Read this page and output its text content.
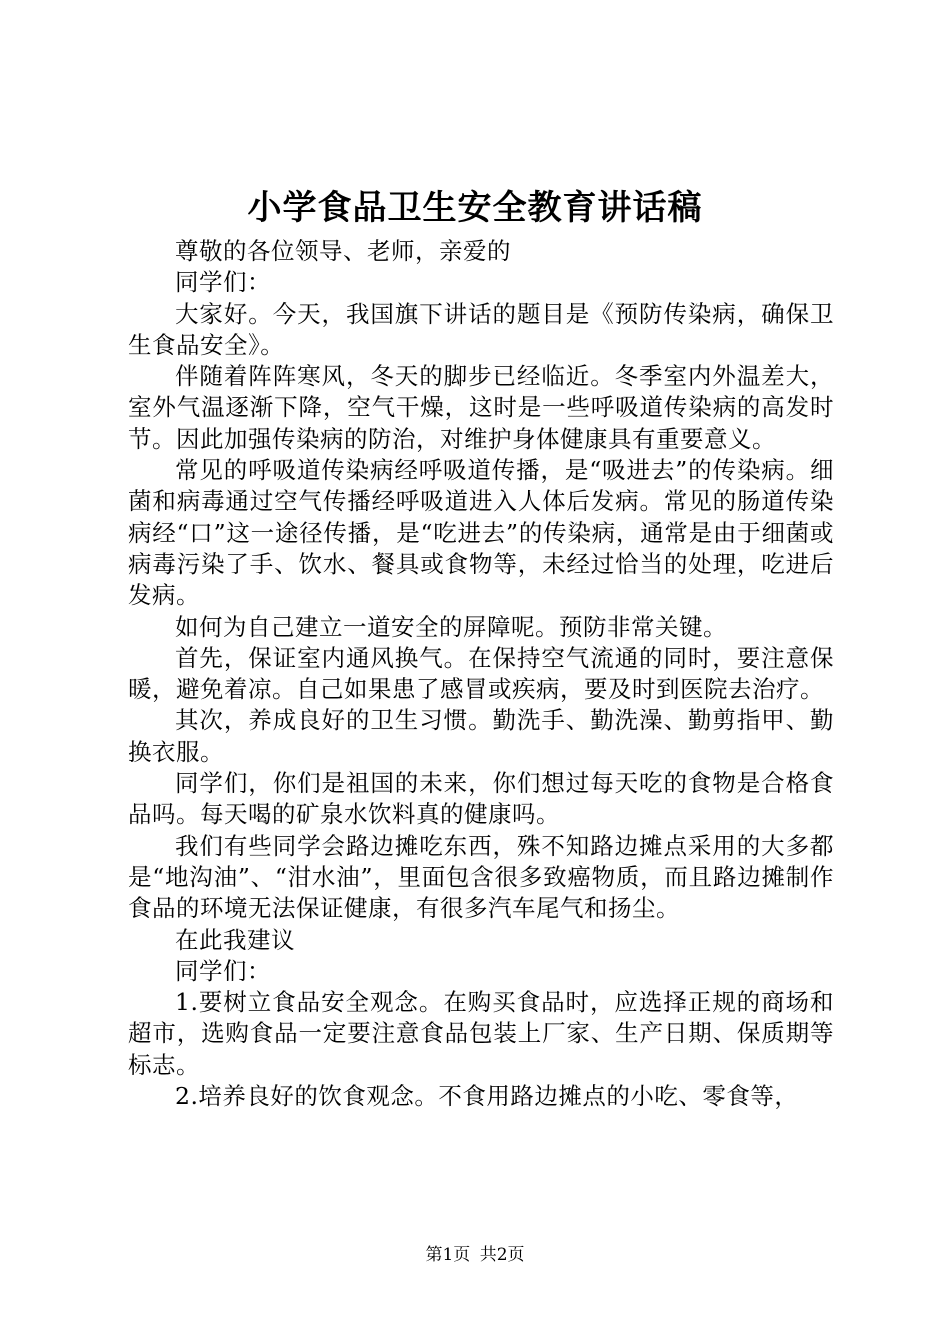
小学食品卫生安全教育讲话稿

尊敬的各位领导、老师，亲爱的

同学们：

大家好。今天，我国旗下讲话的题目是《预防传染病，确保卫生食品安全》。

伴随着阵阵寒风，冬天的脚步已经临近。冬季室内外温差大，室外气温逐渐下降，空气干燥，这时是一些呼吸道传染病的高发时节。因此加强传染病的防治，对维护身体健康具有重要意义。

常见的呼吸道传染病经呼吸道传播，是“吸进去”的传染病。细菌和病毒通过空气传播经呼吸道进入人体后发病。常见的肠道传染病经“口”这一途径传播，是“吃进去”的传染病，通常是由于细菌或病毒污染了手、饮水、餐具或食物等，未经过恰当的处理，吃进后发病。

如何为自己建立一道安全的屏障呢。预防非常关键。

首先，保证室内通风换气。在保持空气流通的同时，要注意保暖，避免着凉。自己如果患了感冒或疾病，要及时到医院去治疗。

其次，养成良好的卫生习惯。勤洗手、勤洗澡、勤剪指甲、勤换衣服。

同学们，你们是祖国的未来，你们想过每天吃的食物是合格食品吗。每天喝的矿泉水饮料真的健康吗。

我们有些同学会路边摊吃东西，殊不知路边摊点采用的大多都是“地沟油”、“泔水油”，里面包含很多致癌物质，而且路边摊制作食品的环境无法保证健康，有很多汽车尾气和扬尘。

在此我建议

同学们：

1.要树立食品安全观念。在购买食品时，应选择正规的商场和超市，选购食品一定要注意食品包装上厂家、生产日期、保质期等标志。

2.培养良好的饮食观念。不食用路边摊点的小吃、零食等，

第1页 共2页
